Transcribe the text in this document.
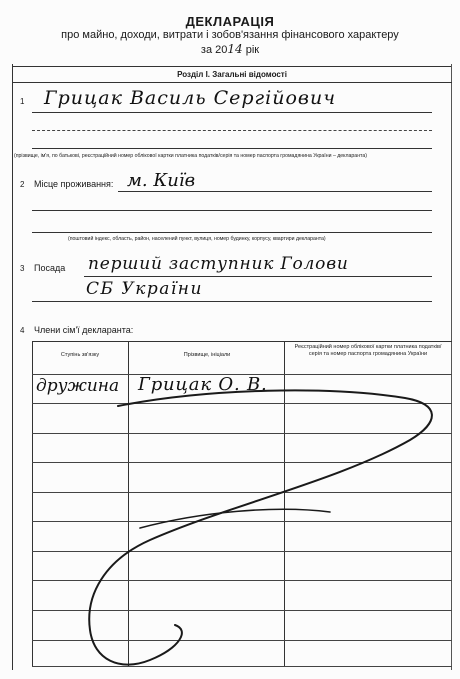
ДЕКЛАРАЦІЯ
про майно, доходи, витрати і зобов'язання фінансового характеру
за 2014 рік
Розділ І. Загальні відомості
1 Грицак Василь Сергійович
(прізвище, ім'я, по батькові, реєстраційний номер облікової картки платника податків/серія та номер паспорта громадянина України – декларанта)
2 Місце проживання: м. Київ
(поштовий індекс, область, район, населений пункт, вулиця, номер будинку, корпусу, квартири декларанта)
3 Посада перший заступник Голови
СБ України
4 Члени сім'ї декларанта:
Ступінь зв'язку	Прізвище, ініціали
Реєстраційний номер облікової картки платника податків/серія та номер паспорта громадянина України
дружина Грицак О. В.
